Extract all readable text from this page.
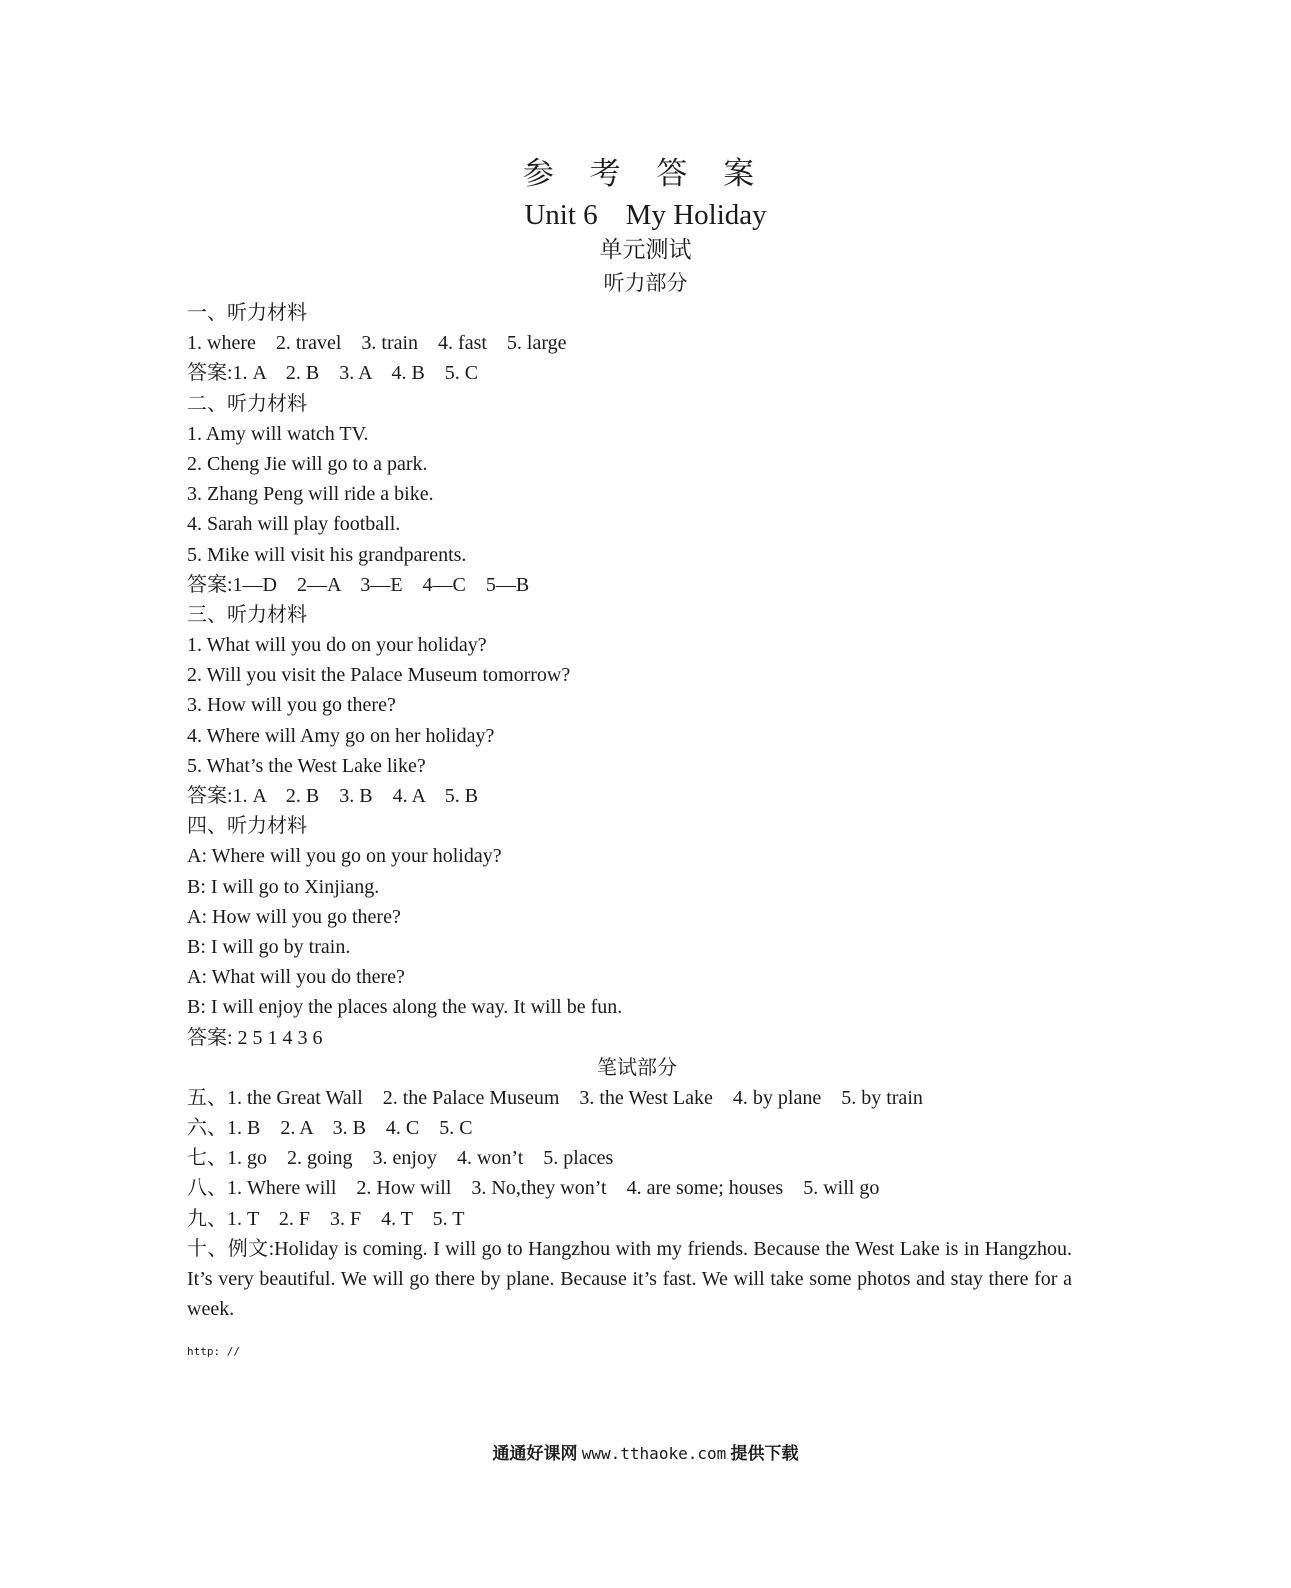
参 考 答 案
Unit 6 My Holiday
单元测试
听力部分
一、听力材料
1. where    2. travel    3. train    4. fast    5. large
答案:1. A    2. B    3. A    4. B    5. C
二、听力材料
1. Amy will watch TV.
2. Cheng Jie will go to a park.
3. Zhang Peng will ride a bike.
4. Sarah will play football.
5. Mike will visit his grandparents.
答案:1—D    2—A    3—E    4—C    5—B
三、听力材料
1. What will you do on your holiday?
2. Will you visit the Palace Museum tomorrow?
3. How will you go there?
4. Where will Amy go on her holiday?
5. What’s the West Lake like?
答案:1. A    2. B    3. B    4. A    5. B
四、听力材料
A: Where will you go on your holiday?
B: I will go to Xinjiang.
A: How will you go there?
B: I will go by train.
A: What will you do there?
B: I will enjoy the places along the way. It will be fun.
答案: 2 5 1 4 3 6
笔试部分
五、1. the Great Wall    2. the Palace Museum    3. the West Lake    4. by plane    5. by train
六、1. B    2. A    3. B    4. C    5. C
七、1. go    2. going    3. enjoy    4. won’t    5. places
八、1. Where will    2. How will    3. No,they won’t    4. are some; houses    5. will go
九、1. T    2. F    3. F    4. T    5. T
十、例文:Holiday is coming. I will go to Hangzhou with my friends. Because the West Lake is in Hangzhou. It’s very beautiful. We will go there by plane. Because it’s fast. We will take some photos and stay there for a week.
http: //
通通好课网 www.tthaoke.com 提供下载
